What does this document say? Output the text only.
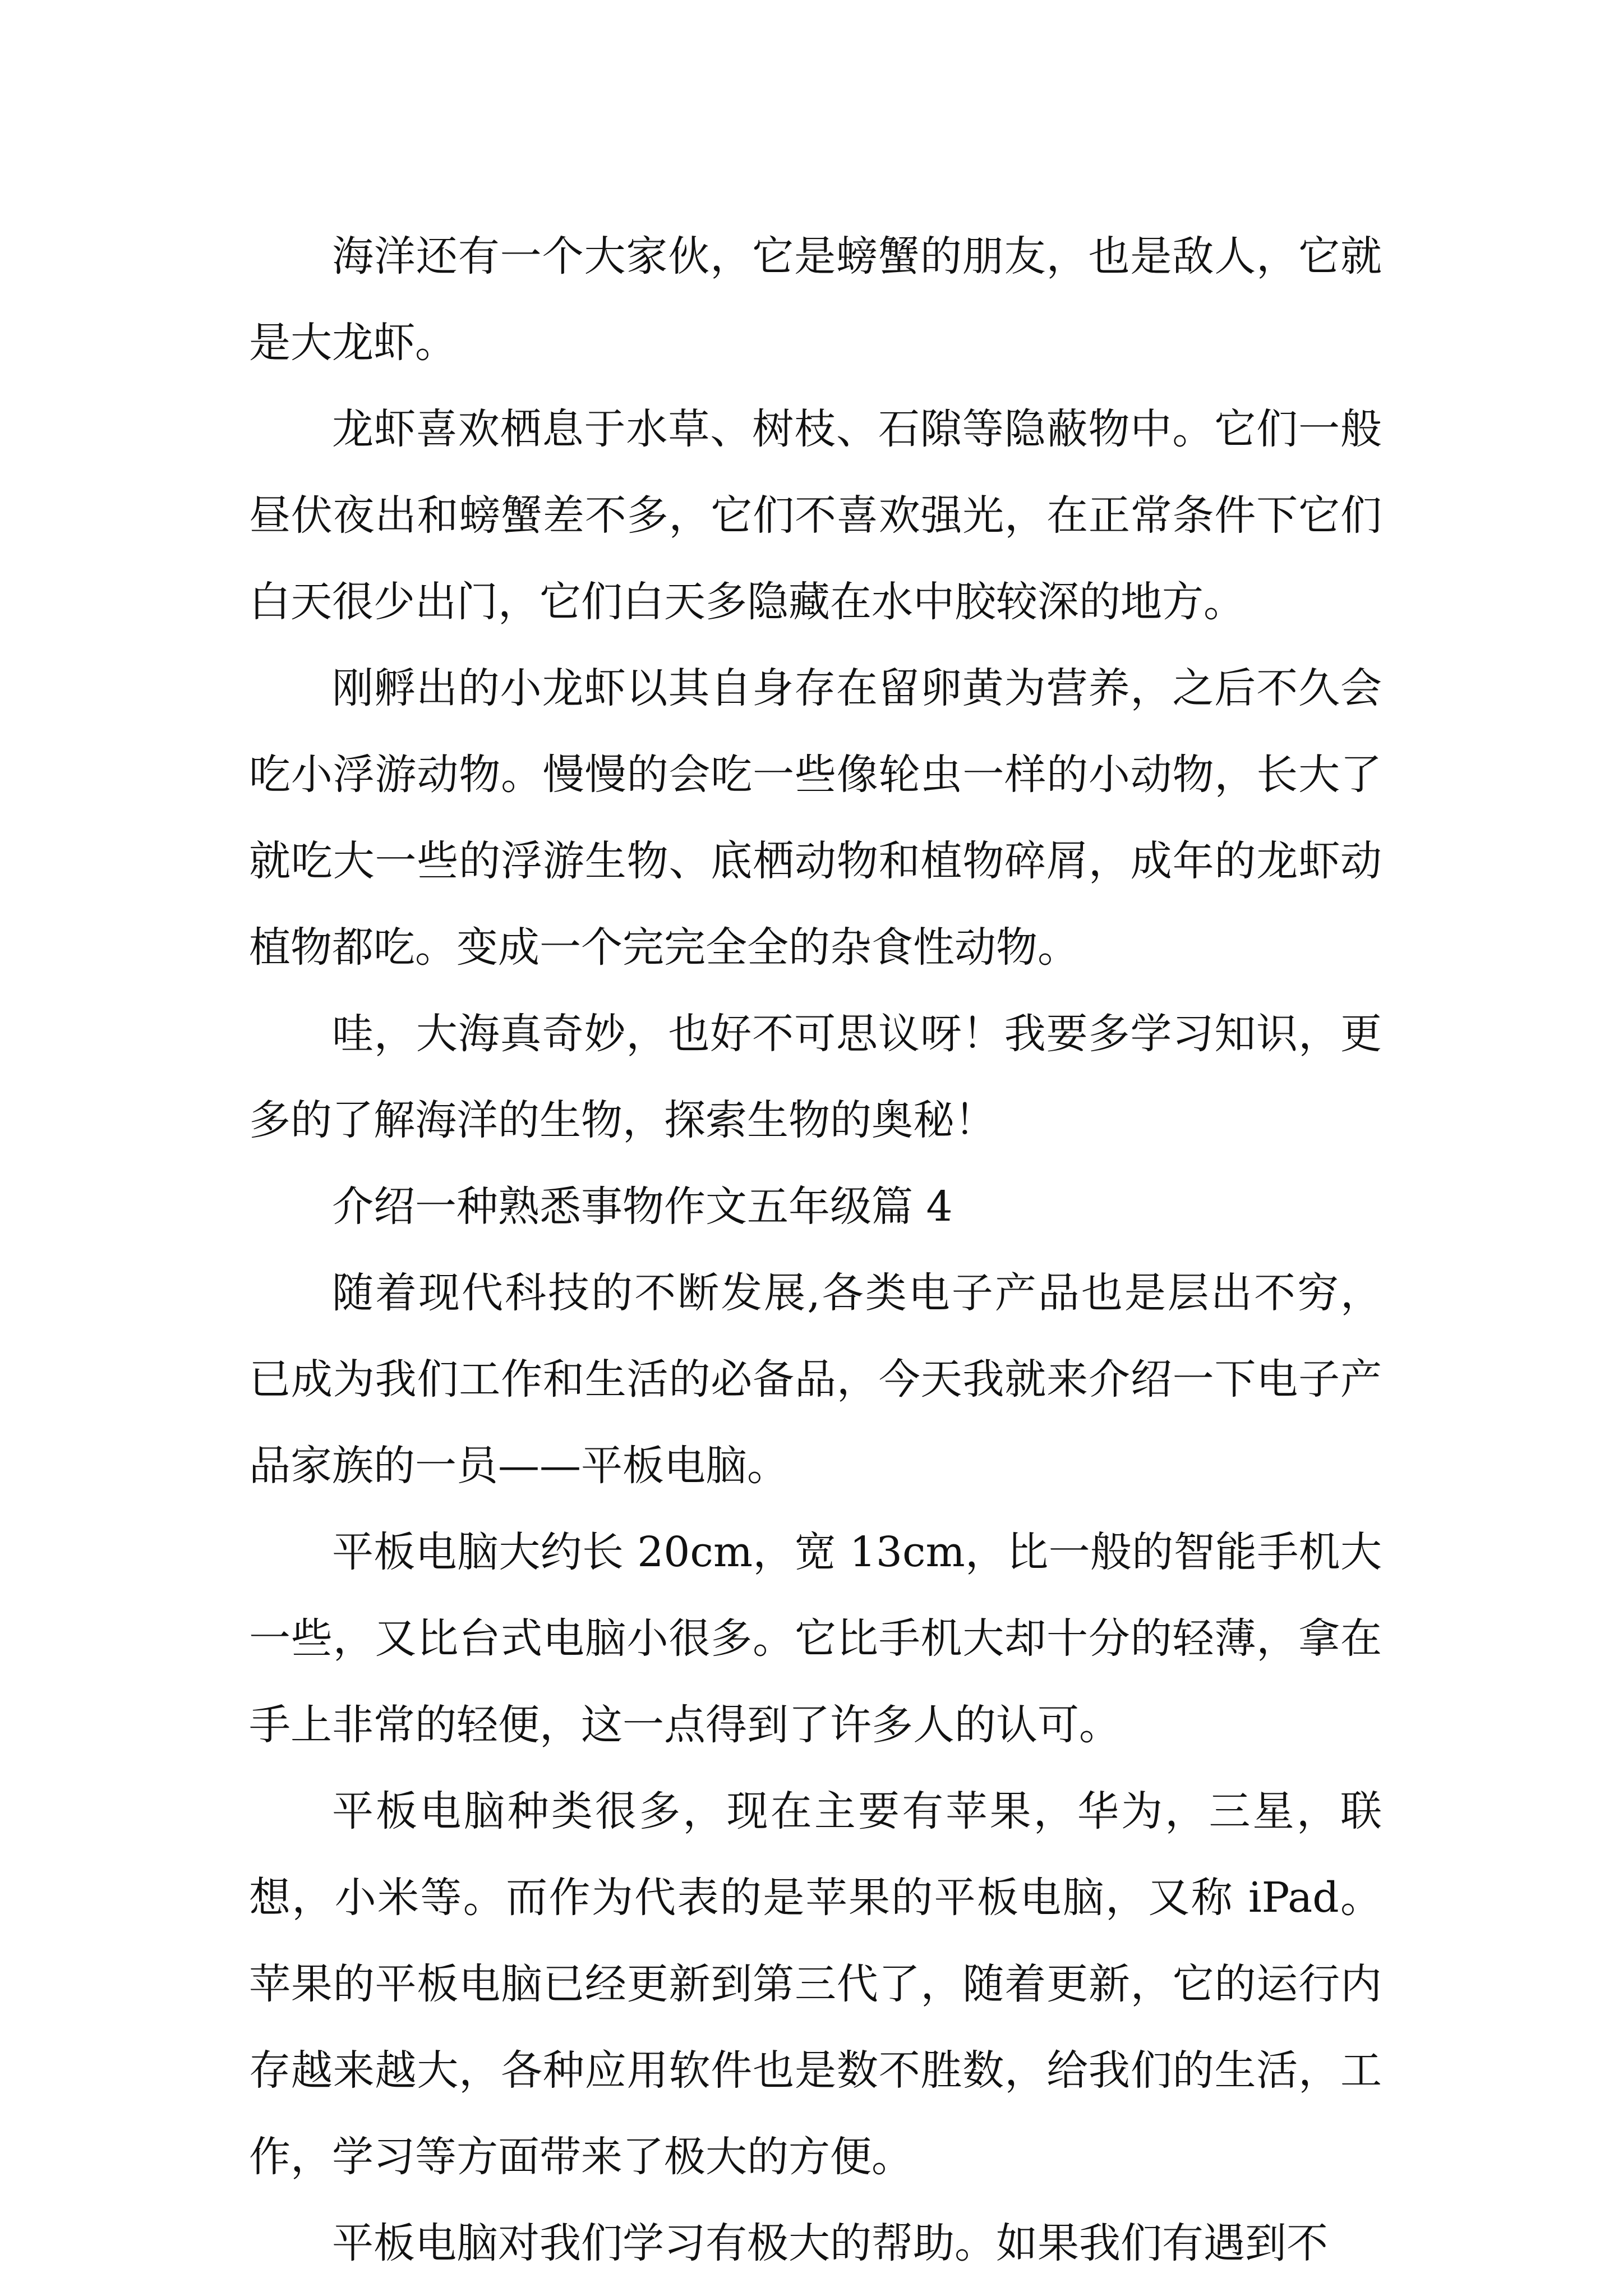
海洋还有一个大家伙，它是螃蟹的朋友，也是敌人，它就是大龙虾。

龙虾喜欢栖息于水草、树枝、石隙等隐蔽物中。它们一般昼伏夜出和螃蟹差不多，它们不喜欢强光，在正常条件下它们白天很少出门，它们白天多隐藏在水中胶较深的地方。

刚孵出的小龙虾以其自身存在留卵黄为营养，之后不久会吃小浮游动物。慢慢的会吃一些像轮虫一样的小动物，长大了就吃大一些的浮游生物、底栖动物和植物碎屑，成年的龙虾动植物都吃。变成一个完完全全的杂食性动物。

哇，大海真奇妙，也好不可思议呀！我要多学习知识，更多的了解海洋的生物，探索生物的奥秘！

介绍一种熟悉事物作文五年级篇 4

随着现代科技的不断发展,各类电子产品也是层出不穷，已成为我们工作和生活的必备品，今天我就来介绍一下电子产品家族的一员——平板电脑。

平板电脑大约长 20cm，宽 13cm，比一般的智能手机大一些，又比台式电脑小很多。它比手机大却十分的轻薄，拿在手上非常的轻便，这一点得到了许多人的认可。

平板电脑种类很多，现在主要有苹果，华为，三星，联想，小米等。而作为代表的是苹果的平板电脑，又称 iPad。苹果的平板电脑已经更新到第三代了，随着更新，它的运行内存越来越大，各种应用软件也是数不胜数，给我们的生活，工作，学习等方面带来了极大的方便。

平板电脑对我们学习有极大的帮助。如果我们有遇到不
